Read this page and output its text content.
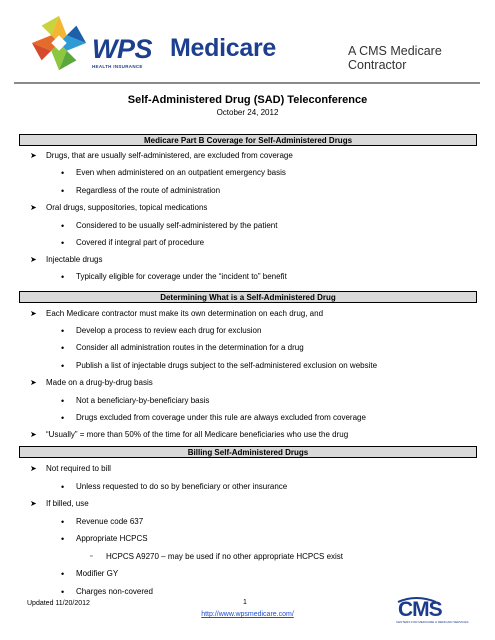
WPS
HEALTH INSURANCE
Medicare	A CMS Medicare Contractor
Self-Administered Drug (SAD) Teleconference
October 24, 2012
Medicare Part B Coverage for Self-Administered Drugs
➤ Drugs, that are usually self-administered, are excluded from coverage
• Even when administered on an outpatient emergency basis
• Regardless of the route of administration
➤ Oral drugs, suppositories, topical medications
• Considered to be usually self-administered by the patient
• Covered if integral part of procedure
➤ Injectable drugs
• Typically eligible for coverage under the “incident to” benefit
Determining What is a Self-Administered Drug
➤ Each Medicare contractor must make its own determination on each drug, and
• Develop a process to review each drug for exclusion
• Consider all administration routes in the determination for a drug
• Publish a list of injectable drugs subject to the self-administered exclusion on website
➤ Made on a drug-by-drug basis
• Not a beneficiary-by-beneficiary basis
• Drugs excluded from coverage under this rule are always excluded from coverage
➤ “Usually” = more than 50% of the time for all Medicare beneficiaries who use the drug
Billing Self-Administered Drugs
➤ Not required to bill
• Unless requested to do so by beneficiary or other insurance
➤ If billed, use
• Revenue code 637
• Appropriate HCPCS
▫ HCPCS A9270 – may be used if no other appropriate HCPCS exist
• Modifier GY
• Charges non-covered
Updated 11/20/2012	1
http://www.wpsmedicare.com/	CMS
CENTERS FOR MEDICARE & MEDICAID SERVICES
